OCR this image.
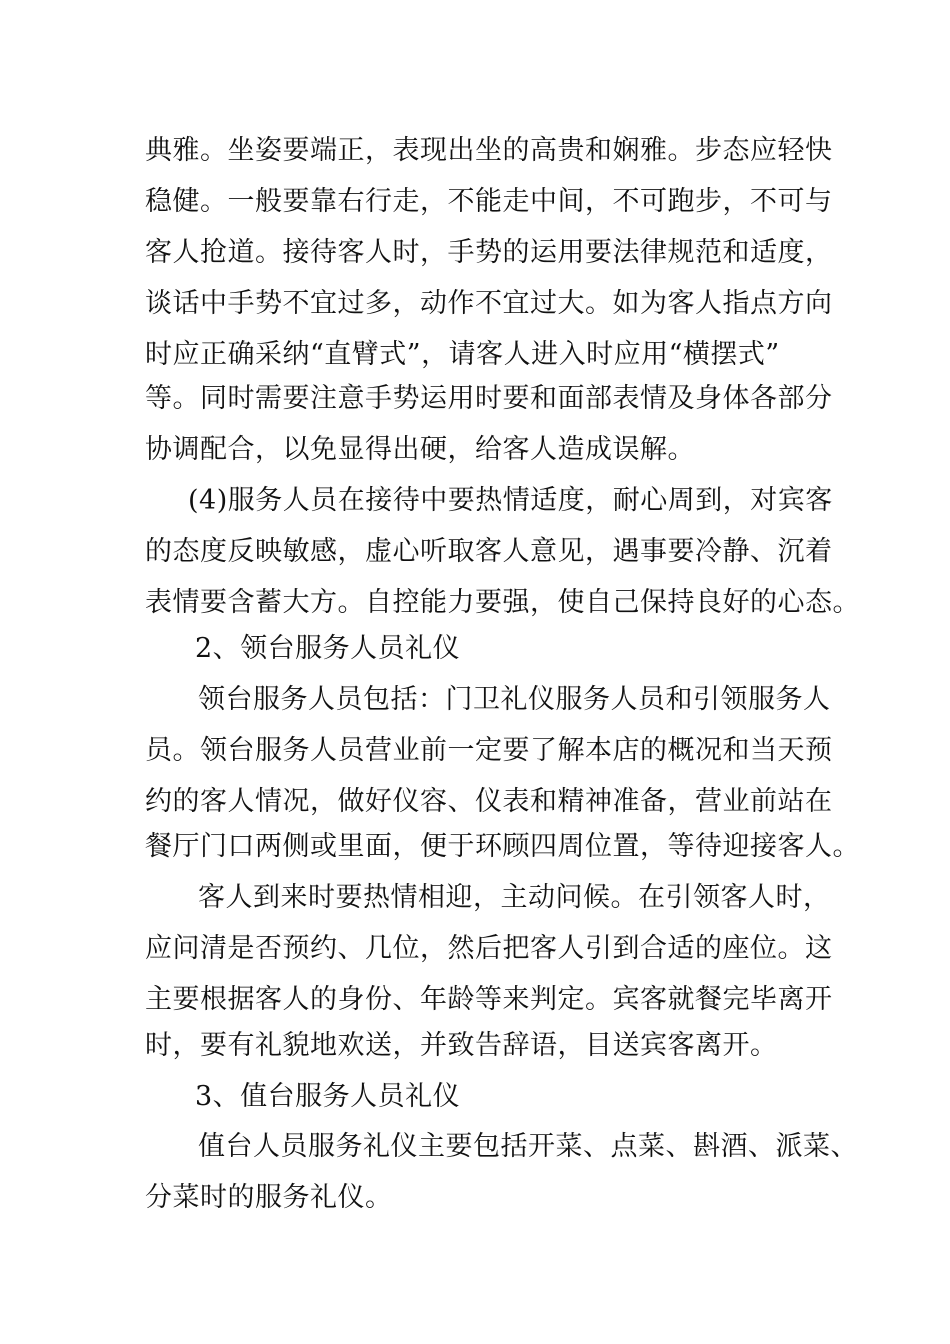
典雅。坐姿要端正，表现出坐的高贵和娴雅。步态应轻快
稳健。一般要靠右行走，不能走中间，不可跑步，不可与
客人抢道。接待客人时，手势的运用要法律规范和适度，
谈话中手势不宜过多，动作不宜过大。如为客人指点方向
时应正确采纳“直臂式”，请客人进入时应用“横摆式”
等。同时需要注意手势运用时要和面部表情及身体各部分
协调配合，以免显得出硬，给客人造成误解。
(4)服务人员在接待中要热情适度，耐心周到，对宾客
的态度反映敏感，虚心听取客人意见，遇事要冷静、沉着
表情要含蓄大方。自控能力要强，使自己保持良好的心态。
2、领台服务人员礼仪
领台服务人员包括：门卫礼仪服务人员和引领服务人
员。领台服务人员营业前一定要了解本店的概况和当天预
约的客人情况，做好仪容、仪表和精神准备，营业前站在
餐厅门口两侧或里面，便于环顾四周位置，等待迎接客人。
客人到来时要热情相迎，主动问候。在引领客人时，
应问清是否预约、几位，然后把客人引到合适的座位。这
主要根据客人的身份、年龄等来判定。宾客就餐完毕离开
时，要有礼貌地欢送，并致告辞语，目送宾客离开。
3、值台服务人员礼仪
值台人员服务礼仪主要包括开菜、点菜、斟酒、派菜、
分菜时的服务礼仪。
